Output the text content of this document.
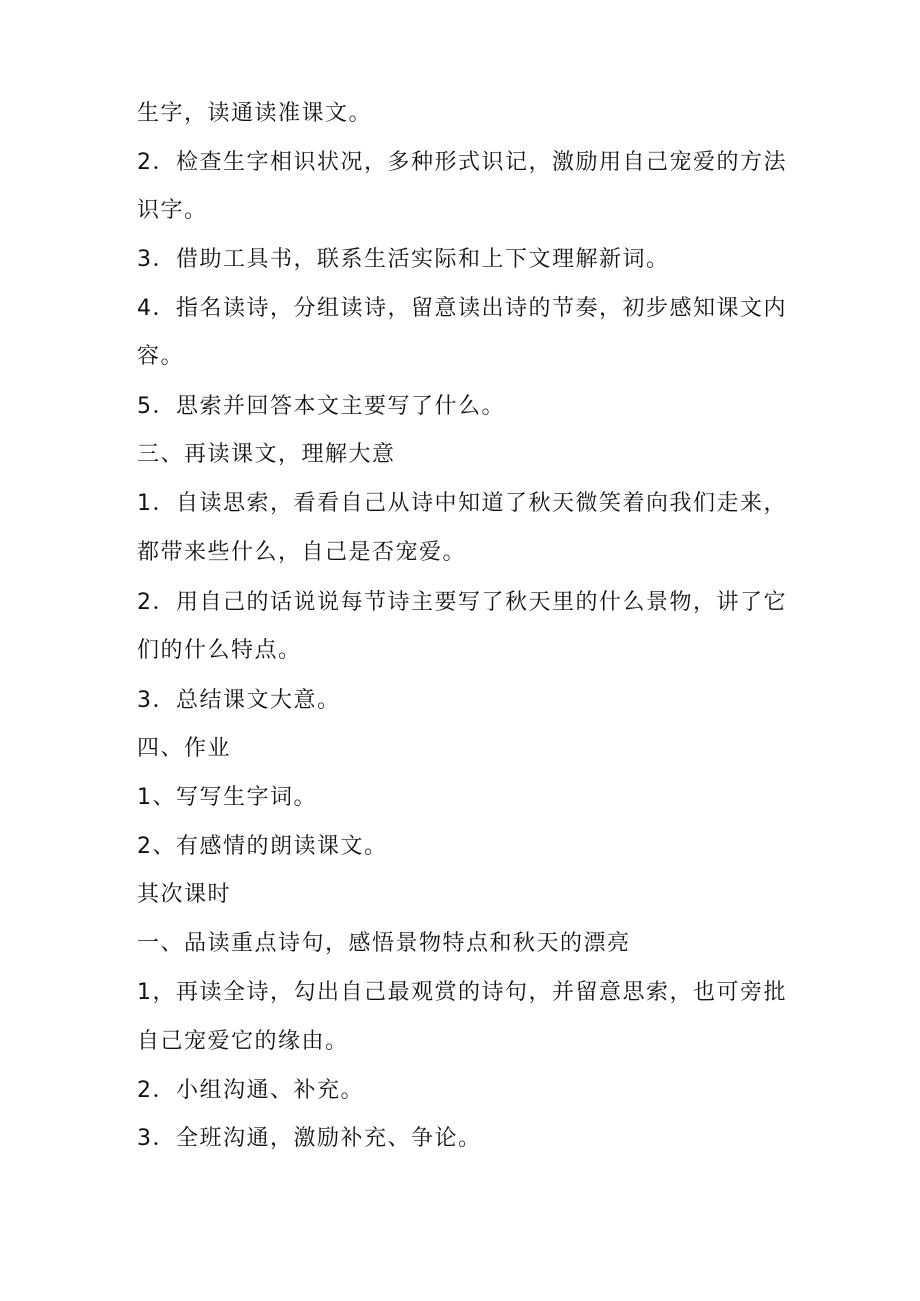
生字，读通读准课文。
2．检查生字相识状况，多种形式识记，激励用自己宠爱的方法
识字。
3．借助工具书，联系生活实际和上下文理解新词。
4．指名读诗，分组读诗，留意读出诗的节奏，初步感知课文内
容。
5．思索并回答本文主要写了什么。
三、再读课文，理解大意
1．自读思索，看看自己从诗中知道了秋天微笑着向我们走来，
都带来些什么，自己是否宠爱。
2．用自己的话说说每节诗主要写了秋天里的什么景物，讲了它
们的什么特点。
3．总结课文大意。
四、作业
1、写写生字词。
2、有感情的朗读课文。
其次课时
一、品读重点诗句，感悟景物特点和秋天的漂亮
1，再读全诗，勾出自己最观赏的诗句，并留意思索，也可旁批
自己宠爱它的缘由。
2．小组沟通、补充。
3．全班沟通，激励补充、争论。
